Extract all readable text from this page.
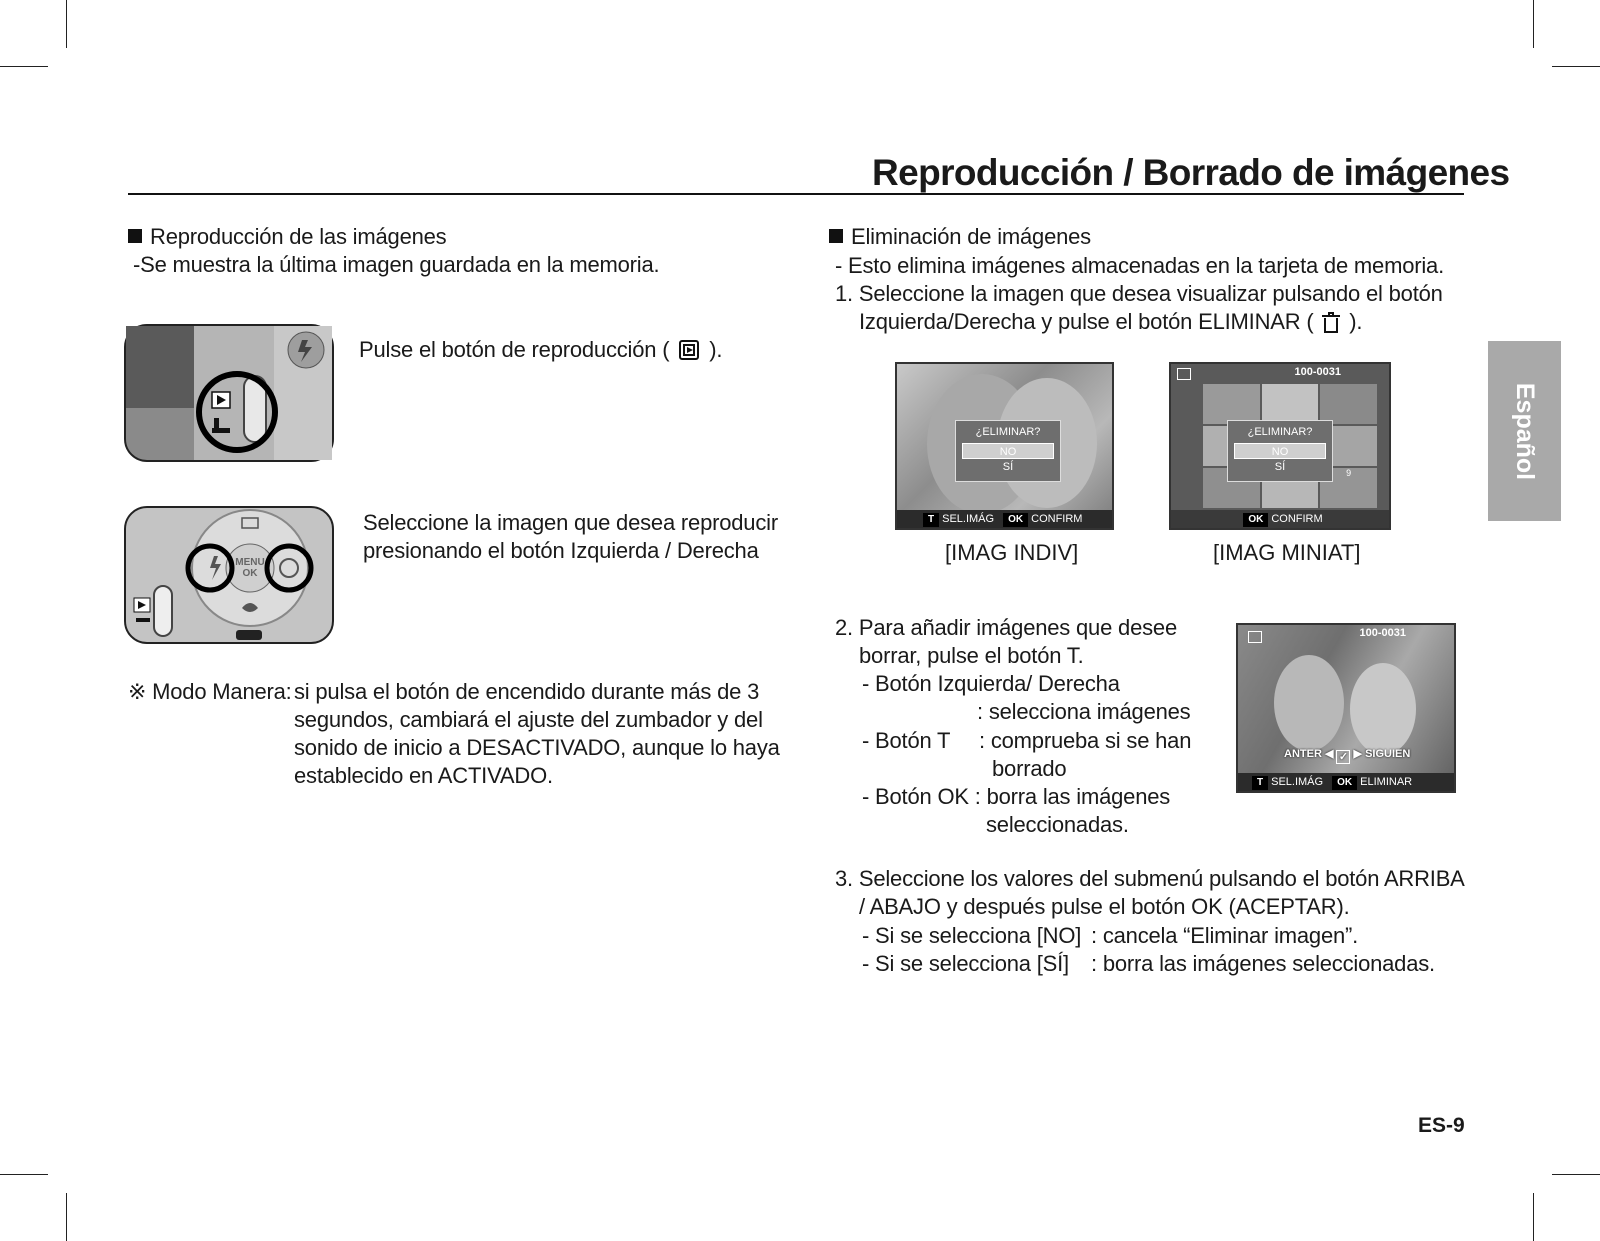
Reproducción / Borrado de imágenes
Español
Reproducción de las imágenes
-Se muestra la última imagen guardada en la memoria.
Pulse el botón de reproducción ( ).
MENU
OK
Seleccione la imagen que desea reproducir
presionando el botón Izquierda / Derecha
※ Modo Manera: si pulsa el botón de encendido durante más de 3
segundos, cambiará el ajuste del zumbador y del
sonido de inicio a DESACTIVADO, aunque lo haya
establecido en ACTIVADO.
Eliminación de imágenes
- Esto elimina imágenes almacenadas en la tarjeta de memoria.
1. Seleccione la imagen que desea visualizar pulsando el botón
Izquierda/Derecha y pulse el botón ELIMINAR ( ).
¿ELIMINAR?
NO
SÍ
T SEL.IMÁG OK CONFIRM
[IMAG INDIV]
100-0031
9
¿ELIMINAR?
NO
SÍ
OK CONFIRM
[IMAG MINIAT]
2. Para añadir imágenes que desee
borrar, pulse el botón T.
- Botón Izquierda/ Derecha
: selecciona imágenes
- Botón T : comprueba si se han
borrado
- Botón OK : borra las imágenes
seleccionadas.
100-0031
ANTER ◀ ✓ ▶ SIGUIEN
T SEL.IMÁG OK ELIMINAR
3. Seleccione los valores del submenú pulsando el botón ARRIBA
/ ABAJO y después pulse el botón OK (ACEPTAR).
- Si se selecciona [NO] : cancela “Eliminar imagen”.
- Si se selecciona [SÍ] : borra las imágenes seleccionadas.
ES-9
